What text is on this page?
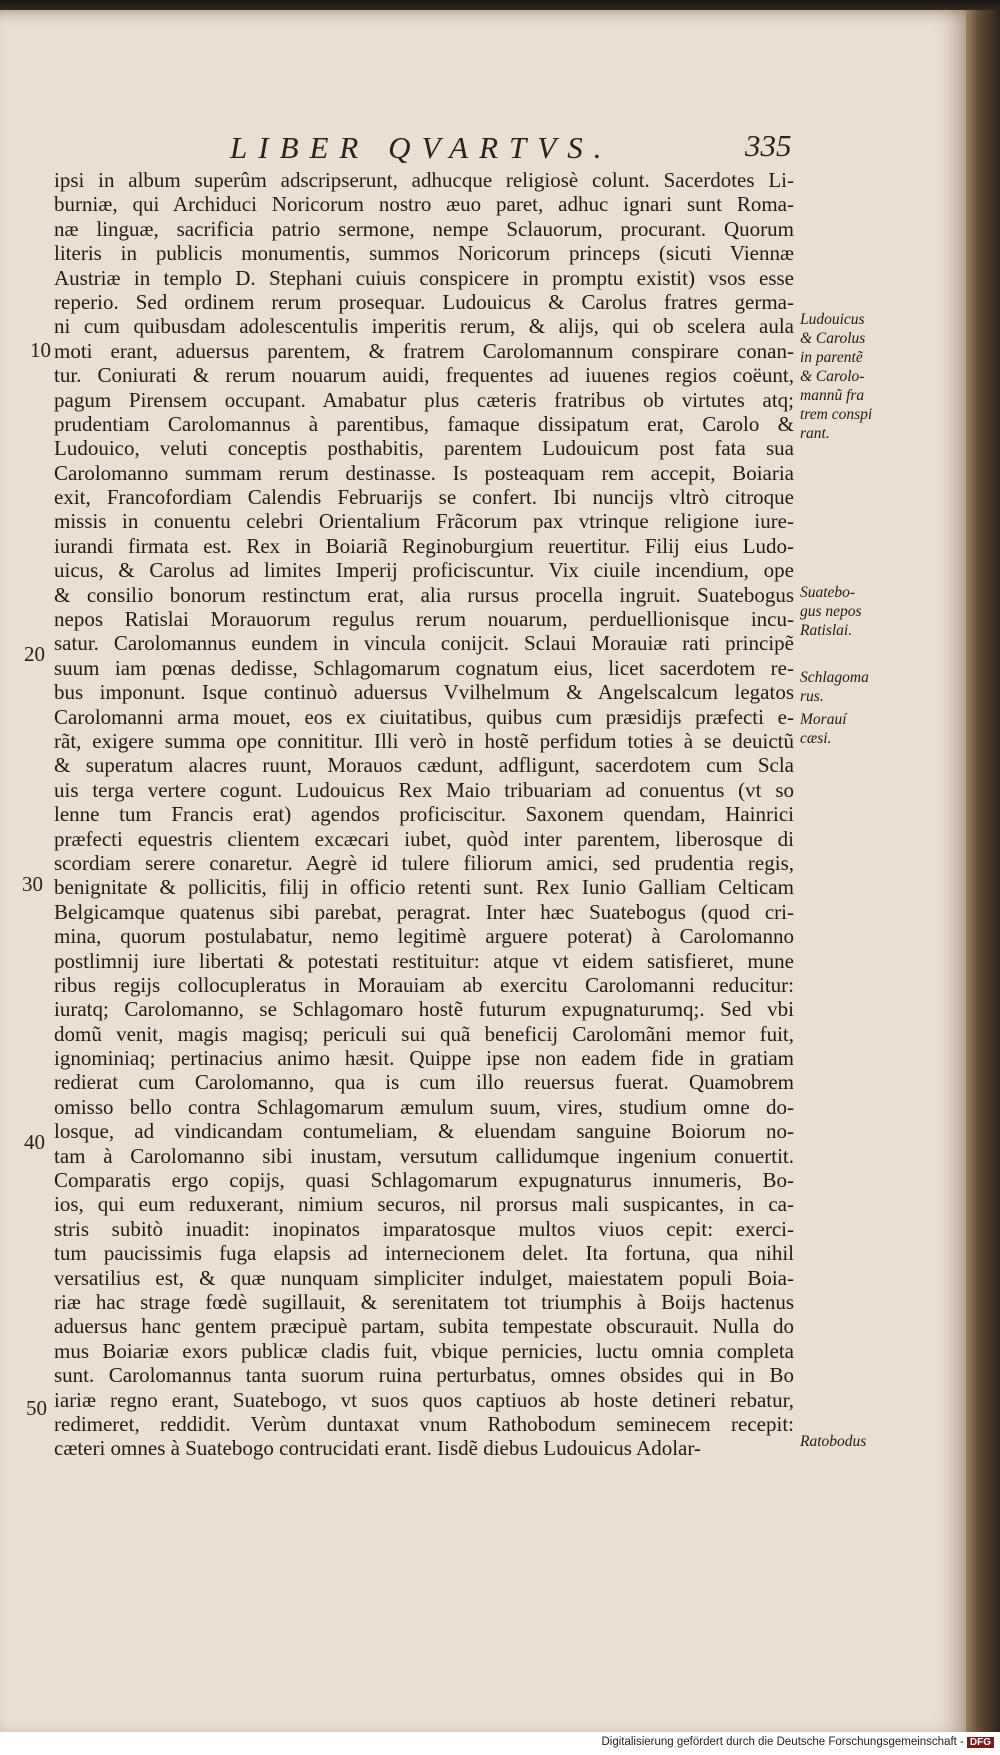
LIBER QVARTVS.	335
ipsi in album superûm adscripserunt, adhucque religiosè colunt. Sacerdotes Li-
burniæ, qui Archiduci Noricorum nostro æuo paret, adhuc ignari sunt Roma-
næ linguæ, sacrificia patrio sermone, nempe Sclauorum, procurant. Quorum
literis in publicis monumentis, summos Noricorum princeps (sicuti Viennæ
Austriæ in templo D. Stephani cuiuis conspicere in promptu existit) vsos esse
reperio. Sed ordinem rerum prosequar. Ludouicus & Carolus fratres germa-
ni cum quibusdam adolescentulis imperitis rerum, & alijs, qui ob scelera aula
moti erant, aduersus parentem, & fratrem Carolomannum conspirare conan-
tur. Coniurati & rerum nouarum auidi, frequentes ad iuuenes regios coëunt,
pagum Pirensem occupant. Amabatur plus cæteris fratribus ob virtutes atq;
prudentiam Carolomannus à parentibus, famaque dissipatum erat, Carolo &
Ludouico, veluti conceptis posthabitis, parentem Ludouicum post fata sua
Carolomanno summam rerum destinasse. Is posteaquam rem accepit, Boiaria
exit, Francofordiam Calendis Februarijs se confert. Ibi nuncijs vltrò citroque
missis in conuentu celebri Orientalium Frãcorum pax vtrinque religione iure-
iurandi firmata est. Rex in Boiariã Reginoburgium reuertitur. Filij eius Ludo-
uicus, & Carolus ad limites Imperij proficiscuntur. Vix ciuile incendium, ope
& consilio bonorum restinctum erat, alia rursus procella ingruit. Suatebogus
nepos Ratislai Morauorum regulus rerum nouarum, perduellionisque incu-
satur. Carolomannus eundem in vincula conijcit. Sclaui Morauiæ rati principẽ
suum iam pœnas dedisse, Schlagomarum cognatum eius, licet sacerdotem re-
bus imponunt. Isque continuò aduersus Vvilhelmum & Angelscalcum legatos
Carolomanni arma mouet, eos ex ciuitatibus, quibus cum præsidijs præfecti e-
rãt, exigere summa ope connititur. Illi verò in hostẽ perfidum toties à se deuictũ
& superatum alacres ruunt, Morauos cædunt, adfligunt, sacerdotem cum Scla
uis terga vertere cogunt. Ludouicus Rex Maio tribuariam ad conuentus (vt so
lenne tum Francis erat) agendos proficiscitur. Saxonem quendam, Hainrici
præfecti equestris clientem excæcari iubet, quòd inter parentem, liberosque di
scordiam serere conaretur. Aegrè id tulere filiorum amici, sed prudentia regis,
benignitate & pollicitis, filij in officio retenti sunt. Rex Iunio Galliam Celticam
Belgicamque quatenus sibi parebat, peragrat. Inter hæc Suatebogus (quod cri-
mina, quorum postulabatur, nemo legitimè arguere poterat) à Carolomanno
postlimnij iure libertati & potestati restituitur: atque vt eidem satisfieret, mune
ribus regijs collocupleratus in Morauiam ab exercitu Carolomanni reducitur:
iuratq; Carolomanno, se Schlagomaro hostẽ futurum expugnaturumq;. Sed vbi
domũ venit, magis magisq; periculi sui quã beneficij Carolomãni memor fuit,
ignominiaq; pertinacius animo hæsit. Quippe ipse non eadem fide in gratiam
redierat cum Carolomanno, qua is cum illo reuersus fuerat. Quamobrem
omisso bello contra Schlagomarum æmulum suum, vires, studium omne do-
losque, ad vindicandam contumeliam, & eluendam sanguine Boiorum no-
tam à Carolomanno sibi inustam, versutum callidumque ingenium conuertit.
Comparatis ergo copijs, quasi Schlagomarum expugnaturus innumeris, Bo-
ios, qui eum reduxerant, nimium securos, nil prorsus mali suspicantes, in ca-
stris subitò inuadit: inopinatos imparatosque multos viuos cepit: exerci-
tum paucissimis fuga elapsis ad internecionem delet. Ita fortuna, qua nihil
versatilius est, & quæ nunquam simpliciter indulget, maiestatem populi Boia-
riæ hac strage fœdè sugillauit, & serenitatem tot triumphis à Boijs hactenus
aduersus hanc gentem præcipuè partam, subita tempestate obscurauit. Nulla do
mus Boiariæ exors publicæ cladis fuit, vbique pernicies, luctu omnia completa
sunt. Carolomannus tanta suorum ruina perturbatus, omnes obsides qui in Bo
iariæ regno erant, Suatebogo, vt suos quos captiuos ab hoste detineri rebatur,
redimeret, reddidit. Verùm duntaxat vnum Rathobodum seminecem recepit:
cæteri omnes à Suatebogo contrucidati erant. Iisdẽ diebus Ludouicus Adolar-
10
20
30
40
50
Ludouicus
& Carolus
in parentẽ
& Carolo-
mannũ fra
trem conspi
rant.
Suatebo-
gus nepos
Ratislai.
Schlagoma
rus.
Morauí
cæsi.
Ratobodus
Digitalisierung gefördert durch die Deutsche Forschungsgemeinschaft - DFG
